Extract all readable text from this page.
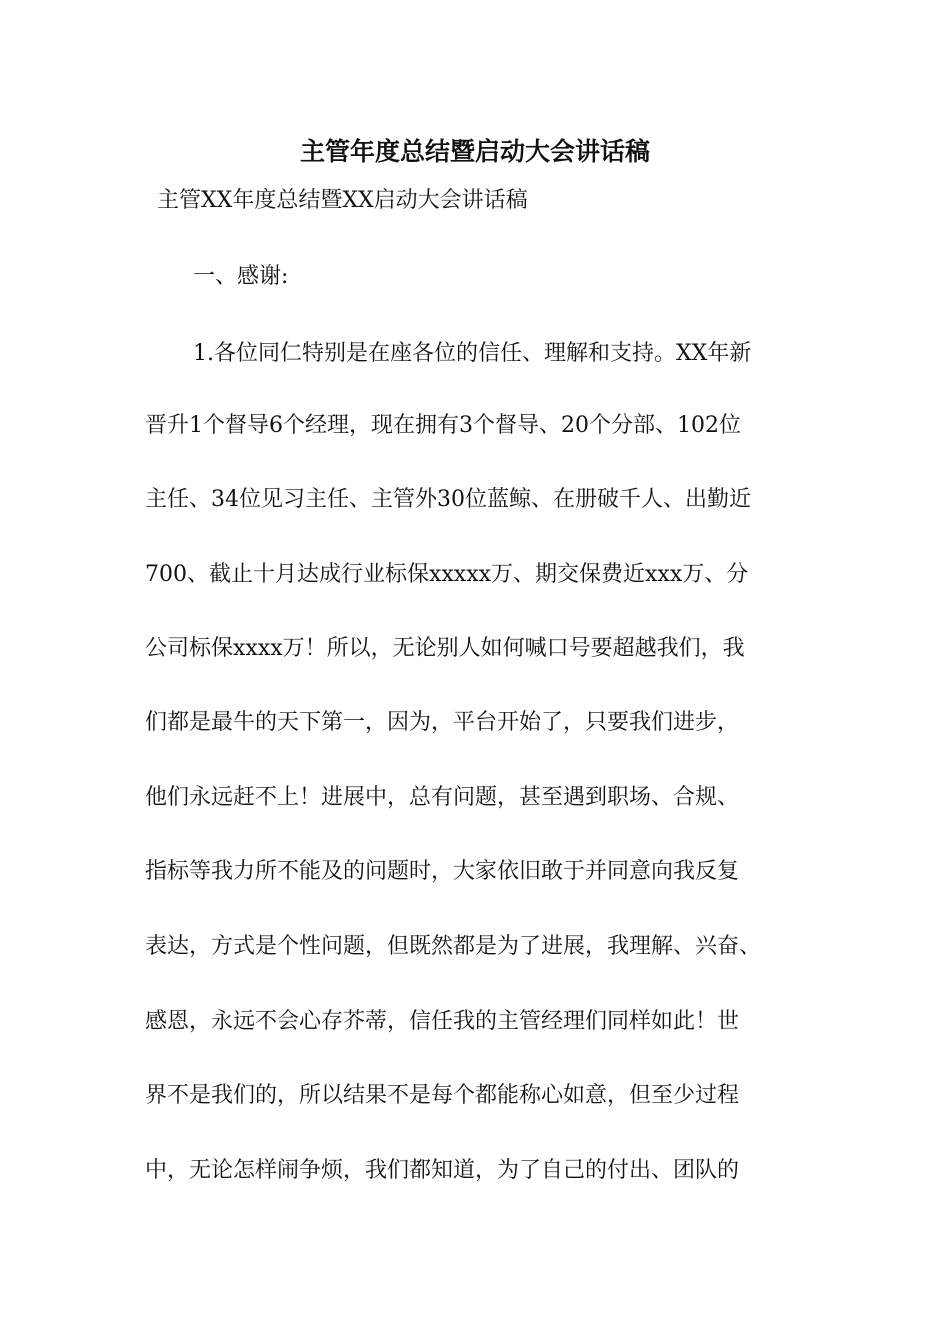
主管年度总结暨启动大会讲话稿
主管XX年度总结暨XX启动大会讲话稿
一、感谢:
1.各位同仁特别是在座各位的信任、理解和支持。XX年新
晋升1个督导6个经理，现在拥有3个督导、20个分部、102位
主任、34位见习主任、主管外30位蓝鲸、在册破千人、出勤近
700、截止十月达成行业标保xxxxx万、期交保费近xxx万、分
公司标保xxxx万！所以，无论别人如何喊口号要超越我们，我
们都是最牛的天下第一，因为，平台开始了，只要我们进步，
他们永远赶不上！进展中，总有问题，甚至遇到职场、合规、
指标等我力所不能及的问题时，大家依旧敢于并同意向我反复
表达，方式是个性问题，但既然都是为了进展，我理解、兴奋、
感恩，永远不会心存芥蒂，信任我的主管经理们同样如此！世
界不是我们的，所以结果不是每个都能称心如意，但至少过程
中，无论怎样闹争烦，我们都知道，为了自己的付出、团队的
